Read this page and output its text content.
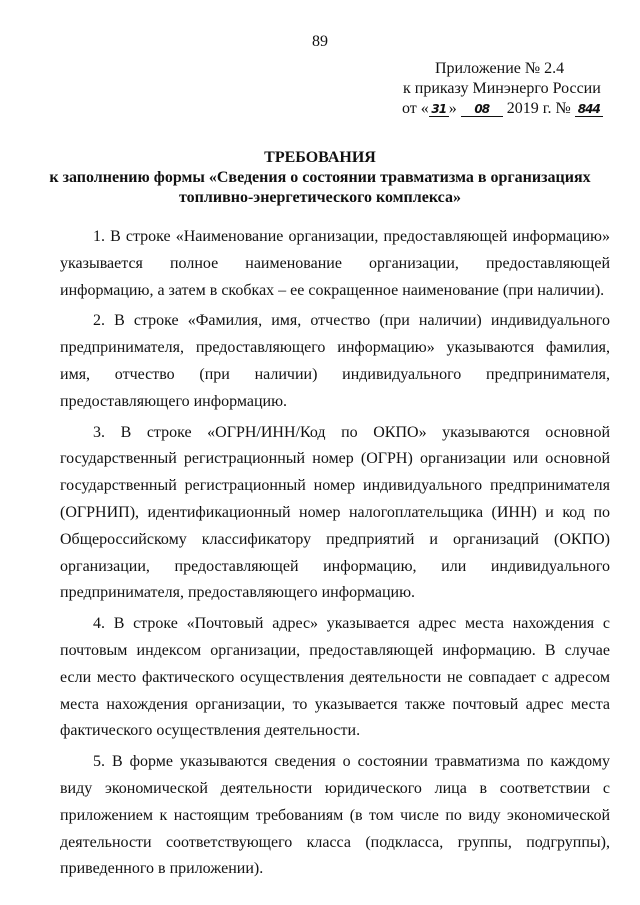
89
Приложение № 2.4
к приказу Минэнерго России
от « 31 » 08 2019 г. № 844
ТРЕБОВАНИЯ
к заполнению формы «Сведения о состоянии травматизма в организациях
топливно-энергетического комплекса»

1. В строке «Наименование организации, предоставляющей информацию» указывается полное наименование организации, предоставляющей информацию, а затем в скобках – ее сокращенное наименование (при наличии).

2. В строке «Фамилия, имя, отчество (при наличии) индивидуального предпринимателя, предоставляющего информацию» указываются фамилия, имя, отчество (при наличии) индивидуального предпринимателя, предоставляющего информацию.

3. В строке «ОГРН/ИНН/Код по ОКПО» указываются основной государственный регистрационный номер (ОГРН) организации или основной государственный регистрационный номер индивидуального предпринимателя (ОГРНИП), идентификационный номер налогоплательщика (ИНН) и код по Общероссийскому классификатору предприятий и организаций (ОКПО) организации, предоставляющей информацию, или индивидуального предпринимателя, предоставляющего информацию.

4. В строке «Почтовый адрес» указывается адрес места нахождения с почтовым индексом организации, предоставляющей информацию. В случае если место фактического осуществления деятельности не совпадает с адресом места нахождения организации, то указывается также почтовый адрес места фактического осуществления деятельности.

5. В форме указываются сведения о состоянии травматизма по каждому виду экономической деятельности юридического лица в соответствии с приложением к настоящим требованиям (в том числе по виду экономической деятельности соответствующего класса (подкласса, группы, подгруппы), приведенного в приложении).
